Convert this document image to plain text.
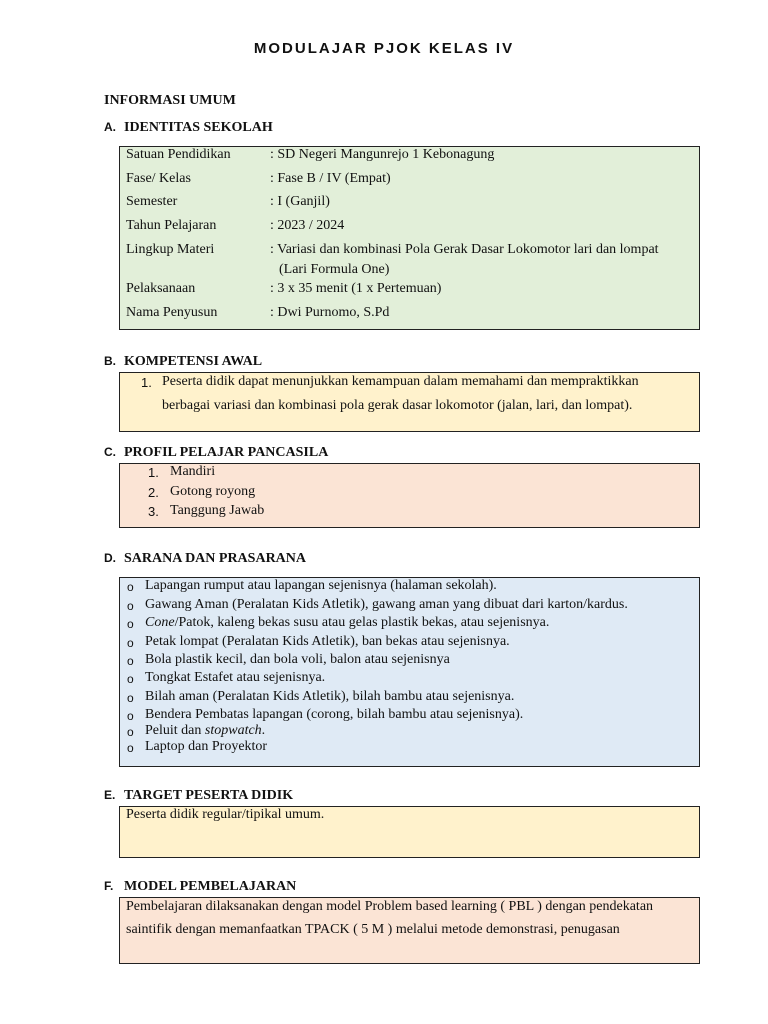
MODULAJAR PJOK KELAS IV
INFORMASI UMUM
A. IDENTITAS SEKOLAH
Satuan Pendidikan	: SD Negeri Mangunrejo 1 Kebonagung
Fase/ Kelas	: Fase B / IV (Empat)
Semester	: I (Ganjil)
Tahun Pelajaran	: 2023 / 2024
Lingkup Materi	: Variasi dan kombinasi Pola Gerak Dasar Lokomotor lari dan lompat
(Lari Formula One)
Pelaksanaan	: 3 x 35 menit (1 x Pertemuan)
Nama Penyusun	: Dwi Purnomo, S.Pd
B. KOMPETENSI AWAL
1. Peserta didik dapat menunjukkan kemampuan dalam memahami dan mempraktikkan
berbagai variasi dan kombinasi pola gerak dasar lokomotor (jalan, lari, dan lompat).
C. PROFIL PELAJAR PANCASILA
1. Mandiri
2. Gotong royong
3. Tanggung Jawab
D. SARANA DAN PRASARANA
o Lapangan rumput atau lapangan sejenisnya (halaman sekolah).
o Gawang Aman (Peralatan Kids Atletik), gawang aman yang dibuat dari karton/kardus.
o Cone/Patok, kaleng bekas susu atau gelas plastik bekas, atau sejenisnya.
o Petak lompat (Peralatan Kids Atletik), ban bekas atau sejenisnya.
o Bola plastik kecil, dan bola voli, balon atau sejenisnya
o Tongkat Estafet atau sejenisnya.
o Bilah aman (Peralatan Kids Atletik), bilah bambu atau sejenisnya.
o Bendera Pembatas lapangan (corong, bilah bambu atau sejenisnya).
o Peluit dan stopwatch.
o Laptop dan Proyektor
E. TARGET PESERTA DIDIK
Peserta didik regular/tipikal umum.
F. MODEL PEMBELAJARAN
Pembelajaran dilaksanakan dengan model Problem based learning ( PBL ) dengan pendekatan
saintifik dengan memanfaatkan TPACK ( 5 M ) melalui metode demonstrasi, penugasan
